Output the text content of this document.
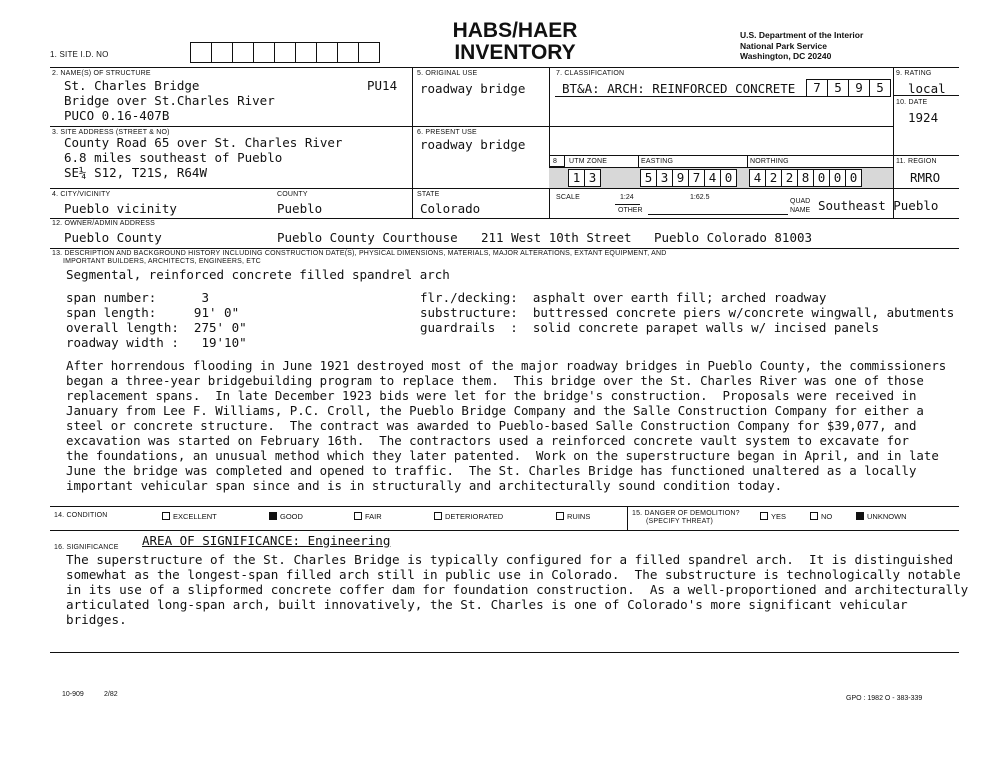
1. SITE I.D. NO
HABS/HAER
INVENTORY
U.S. Department of the Interior
National Park Service
Washington, DC 20240
2. NAME(S) OF STRUCTURE
St. Charles Bridge	PU14
Bridge over St.Charles River
PUCO 0.16-407B
5. ORIGINAL USE
roadway bridge
7. CLASSIFICATION
BT&A: ARCH: REINFORCED CONCRETE	7	5	9	5
9. RATING
local
10. DATE
1924
3. SITE ADDRESS (STREET & NO)
County Road 65 over St. Charles River
6.8 miles southeast of Pueblo
SE¼ S12, T21S, R64W
6. PRESENT USE
roadway bridge
8 UTM ZONE	EASTING	NORTHING
1 3	5 3 9 7 4 0	4 2 2 8 0 0 0
11. REGION
RMRO
4. CITY/VICINITY
Pueblo vicinity
COUNTY
Pueblo
STATE
Colorado
SCALE	1:24	1:62.5
OTHER
QUAD
NAME Southeast Pueblo
12. OWNER/ADMIN ADDRESS
Pueblo County	Pueblo County Courthouse 211 West 10th Street Pueblo Colorado 81003
13. DESCRIPTION AND BACKGROUND HISTORY INCLUDING CONSTRUCTION DATE(S), PHYSICAL DIMENSIONS, MATERIALS, MAJOR ALTERATIONS, EXTANT EQUIPMENT, AND
IMPORTANT BUILDERS, ARCHITECTS, ENGINEERS, ETC
Segmental, reinforced concrete filled spandrel arch
span number:      3
span length:     91' 0"
overall length:  275' 0"
roadway width :   19'10"
flr./decking:  asphalt over earth fill; arched roadway
substructure:  buttressed concrete piers w/concrete wingwall, abutments
guardrails  :  solid concrete parapet walls w/ incised panels
After horrendous flooding in June 1921 destroyed most of the major roadway bridges in Pueblo County, the commissioners
began a three-year bridgebuilding program to replace them.  This bridge over the St. Charles River was one of those
replacement spans.  In late December 1923 bids were let for the bridge's construction.  Proposals were received in
January from Lee F. Williams, P.C. Croll, the Pueblo Bridge Company and the Salle Construction Company for either a
steel or concrete structure.  The contract was awarded to Pueblo-based Salle Construction Company for $39,077, and
excavation was started on February 16th.  The contractors used a reinforced concrete vault system to excavate for
the foundations, an unusual method which they later patented.  Work on the superstructure began in April, and in late
June the bridge was completed and opened to traffic.  The St. Charles Bridge has functioned unaltered as a locally
important vehicular span since and is in structurally and architecturally sound condition today.
14. CONDITION	EXCELLENT	GOOD	FAIR	DETERIORATED	RUINS	15. DANGER OF DEMOLITION?
(SPECIFY THREAT)
YES	NO	UNKNOWN
16. SIGNIFICANCE AREA OF SIGNIFICANCE: Engineering
The superstructure of the St. Charles Bridge is typically configured for a filled spandrel arch.  It is distinguished
somewhat as the longest-span filled arch still in public use in Colorado.  The substructure is technologically notable
in its use of a slipformed concrete coffer dam for foundation construction.  As a well-proportioned and architecturally
articulated long-span arch, built innovatively, the St. Charles is one of Colorado's more significant vehicular
bridges.
10-909	2/82
GPO : 1982 O - 383-339
